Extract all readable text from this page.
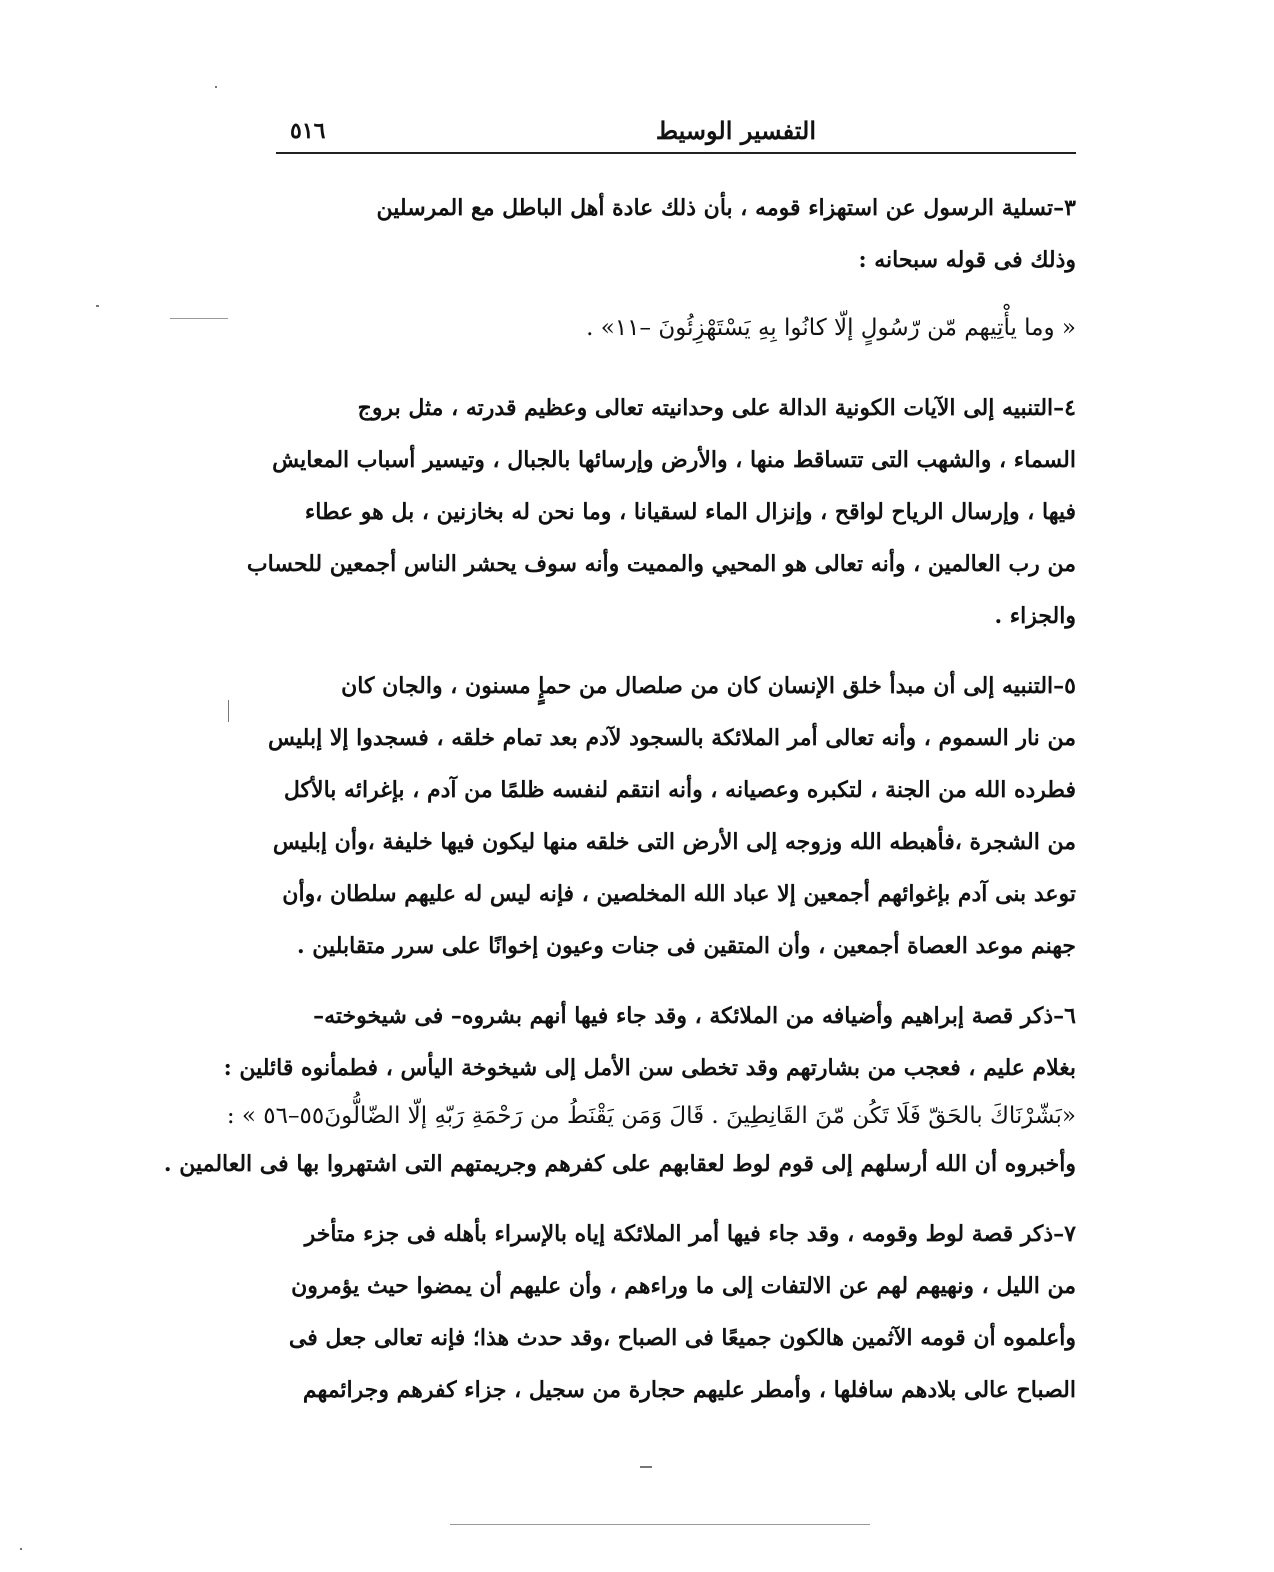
التفسير الوسيط
٥١٦
٣–تسلية الرسول عن استهزاء قومه ، بأن ذلك عادة أهل الباطل مع المرسلين
وذلك فى قوله سبحانه :
« وما يأْتِيهم مّن رّسُولٍ إلّا كانُوا بِهِ يَسْتَهْزِئُونَ –١١» .
٤–التنبيه إلى الآيات الكونية الدالة على وحدانيته تعالى وعظيم قدرته ، مثل بروج
السماء ، والشهب التى تتساقط منها ، والأرض وإرسائها بالجبال ، وتيسير أسباب المعايش
فيها ، وإرسال الرياح لواقح ، وإنزال الماء لسقيانا ، وما نحن له بخازنين ، بل هو عطاء
من رب العالمين ، وأنه تعالى هو المحيي والمميت وأنه سوف يحشر الناس أجمعين للحساب
والجزاء .
٥–التنبيه إلى أن مبدأ خلق الإنسان كان من صلصال من حمإٍ مسنون ، والجان كان
من نار السموم ، وأنه تعالى أمر الملائكة بالسجود لآدم بعد تمام خلقه ، فسجدوا إلا إبليس
فطرده الله من الجنة ، لتكبره وعصيانه ، وأنه انتقم لنفسه ظلمًا من آدم ، بإغرائه بالأكل
من الشجرة ،فأهبطه الله وزوجه إلى الأرض التى خلقه منها ليكون فيها خليفة ،وأن إبليس
توعد بنى آدم بإغوائهم أجمعين إلا عباد الله المخلصين ، فإنه ليس له عليهم سلطان ،وأن
جهنم موعد العصاة أجمعين ، وأن المتقين فى جنات وعيون إخوانًا على سرر متقابلين .
٦–ذكر قصة إبراهيم وأضيافه من الملائكة ، وقد جاء فيها أنهم بشروه– فى شيخوخته–
بغلام عليم ، فعجب من بشارتهم وقد تخطى سن الأمل إلى شيخوخة اليأس ، فطمأنوه قائلين :
«بَشّرْنَاكَ بالحَقّ فَلَا تَكُن مّنَ القَانِطِينَ . قَالَ وَمَن يَقْنَطُ من رَحْمَةِ رَبّهِ إلّا الضّالُّونَ٥٥–٥٦ » :
وأخبروه أن الله أرسلهم إلى قوم لوط لعقابهم على كفرهم وجريمتهم التى اشتهروا بها فى العالمين .
٧–ذكر قصة لوط وقومه ، وقد جاء فيها أمر الملائكة إياه بالإسراء بأهله فى جزء متأخر
من الليل ، ونهيهم لهم عن الالتفات إلى ما وراءهم ، وأن عليهم أن يمضوا حيث يؤمرون
وأعلموه أن قومه الآثمين هالكون جميعًا فى الصباح ،وقد حدث هذا؛ فإنه تعالى جعل فى
الصباح عالى بلادهم سافلها ، وأمطر عليهم حجارة من سجيل ، جزاء كفرهم وجرائمهم
